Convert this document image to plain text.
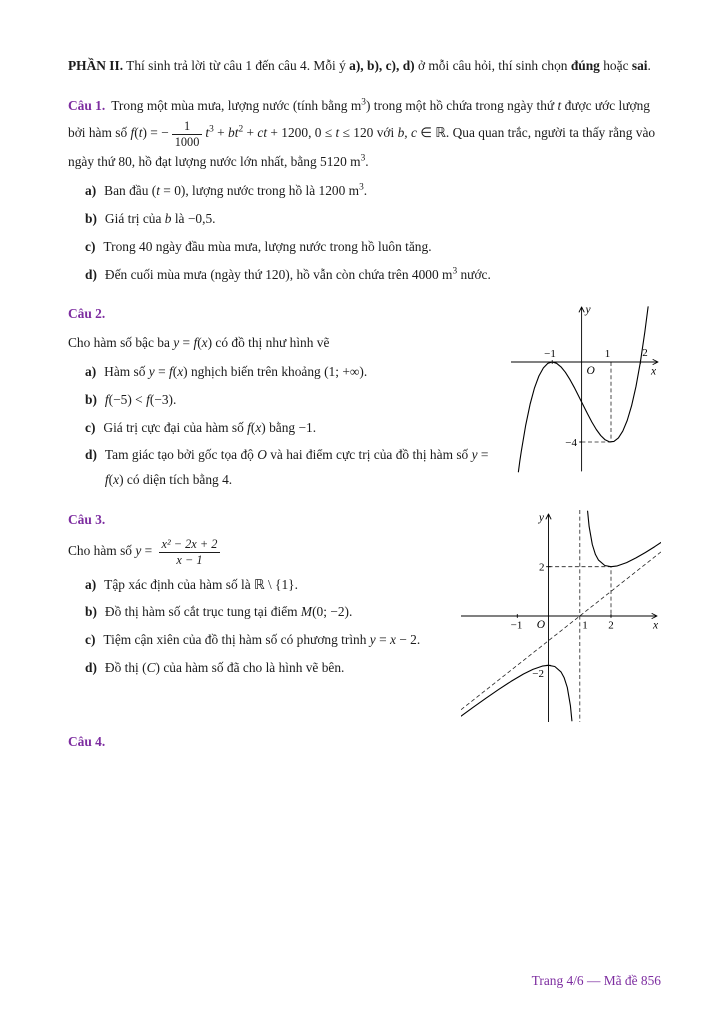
PHẦN II. Thí sinh trả lời từ câu 1 đến câu 4. Mỗi ý a), b), c), d) ở mỗi câu hỏi, thí sinh chọn đúng hoặc sai.

Câu 1. Trong một mùa mưa, lượng nước (tính bằng $m^3$) trong một hồ chứa trong ngày thứ t được ước lượng bởi hàm số f(t) = − $\frac{1}{1000} t^3 + bt^2$ + ct + 1200, 0 ≤ t ≤ 120 với b, c ∈ ℝ. Qua quan trắc, người ta thấy rằng vào ngày thứ 80, hồ đạt lượng nước lớn nhất, bằng 5120 $m^3$.

a) Ban đầu (t = 0), lượng nước trong hồ là 1200 $m^3$.
b) Giá trị của b là −0,5.
c) Trong 40 ngày đầu mùa mưa, lượng nước trong hồ luôn tăng.
d) Đến cuối mùa mưa (ngày thứ 120), hồ vẫn còn chứa trên 4000 $m^3$ nước.
y
x
O
−1	1	2
−4

Câu 2.

Cho hàm số bậc ba y = f(x) có đồ thị như hình vẽ

a) Hàm số y = f(x) nghịch biến trên khoảng (1; +∞).
b) f(−5) < f(−3).
c) Giá trị cực đại của hàm số f(x) bằng −1.
d) Tam giác tạo bởi gốc tọa độ O và hai điểm cực trị của đồ thị hàm số y = f(x) có diện tích bằng 4.
y
x
O	1 2
−1
2
−2

Câu 3.

Cho hàm số $y = \frac{\text{x² − 2x + 2}}{x - 1}$

a) Tập xác định của hàm số là ℝ \ {1}.
b) Đồ thị hàm số cắt trục tung tại điểm M(0; −2).
c) Tiệm cận xiên của đồ thị hàm số có phương trình y = x − 2.
d) Đồ thị (C) của hàm số đã cho là hình vẽ bên.

Câu 4.

Trang 4/6 — Mã đề 856
